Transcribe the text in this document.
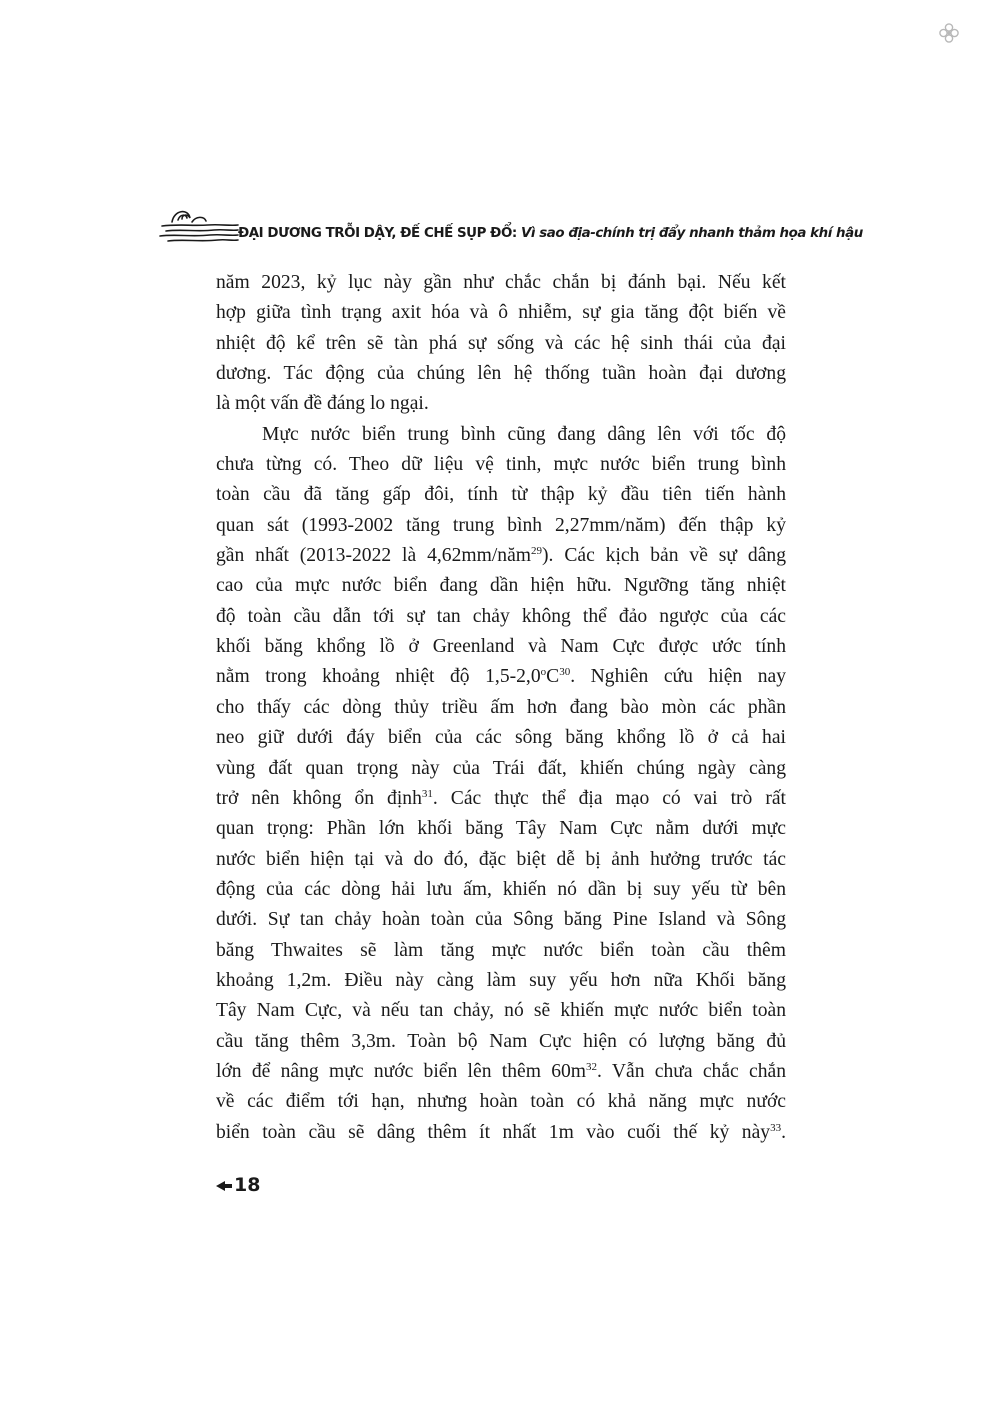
ĐẠI DƯƠNG TRỖI DẬY, ĐẾ CHẾ SỤP ĐỔ: Vì sao địa-chính trị đẩy nhanh thảm họa khí hậu
năm 2023, kỷ lục này gần như chắc chắn bị đánh bại. Nếu kết
hợp giữa tình trạng axit hóa và ô nhiễm, sự gia tăng đột biến về
nhiệt độ kể trên sẽ tàn phá sự sống và các hệ sinh thái của đại
dương. Tác động của chúng lên hệ thống tuần hoàn đại dương
là một vấn đề đáng lo ngại.
Mực nước biển trung bình cũng đang dâng lên với tốc độ
chưa từng có. Theo dữ liệu vệ tinh, mực nước biển trung bình
toàn cầu đã tăng gấp đôi, tính từ thập kỷ đầu tiên tiến hành
quan sát (1993-2002 tăng trung bình 2,27mm/năm) đến thập kỷ
gần nhất (2013-2022 là 4,62mm/năm$^{29}$). Các kịch bản về sự dâng
cao của mực nước biển đang dần hiện hữu. Ngưỡng tăng nhiệt
độ toàn cầu dẫn tới sự tan chảy không thể đảo ngược của các
khối băng khổng lồ ở Greenland và Nam Cực được ước tính
nằm trong khoảng nhiệt độ $1,5-2,0^oC^{30}$. Nghiên cứu hiện nay
cho thấy các dòng thủy triều ấm hơn đang bào mòn các phần
neo giữ dưới đáy biển của các sông băng khổng lồ ở cả hai
vùng đất quan trọng này của Trái đất, khiến chúng ngày càng
trở nên không ổn định$^{31}$. Các thực thể địa mạo có vai trò rất
quan trọng: Phần lớn khối băng Tây Nam Cực nằm dưới mực
nước biển hiện tại và do đó, đặc biệt dễ bị ảnh hưởng trước tác
động của các dòng hải lưu ấm, khiến nó dần bị suy yếu từ bên
dưới. Sự tan chảy hoàn toàn của Sông băng Pine Island và Sông
băng Thwaites sẽ làm tăng mực nước biển toàn cầu thêm
khoảng 1,2m. Điều này càng làm suy yếu hơn nữa Khối băng
Tây Nam Cực, và nếu tan chảy, nó sẽ khiến mực nước biển toàn
cầu tăng thêm 3,3m. Toàn bộ Nam Cực hiện có lượng băng đủ
lớn để nâng mực nước biển lên thêm $60m^{32}$. Vẫn chưa chắc chắn
về các điểm tới hạn, nhưng hoàn toàn có khả năng mực nước
biển toàn cầu sẽ dâng thêm ít nhất 1m vào cuối thế kỷ này$^{33}$.
18
